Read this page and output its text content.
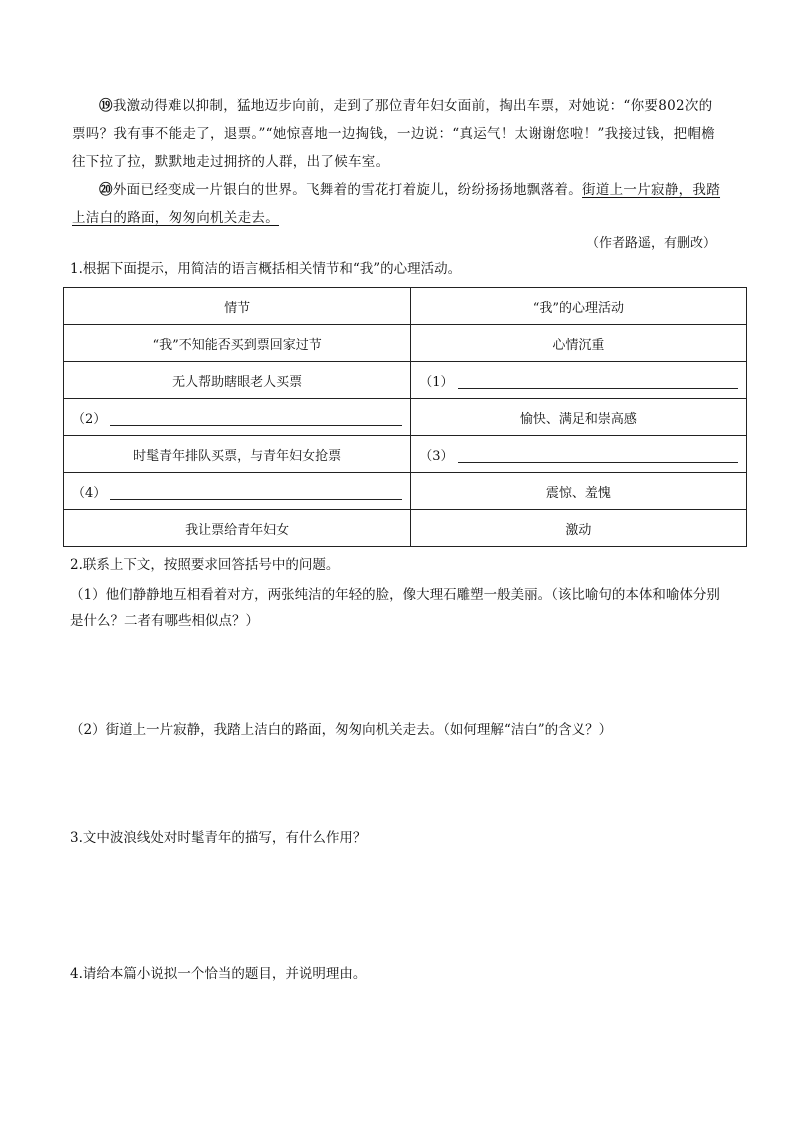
⑲我激动得难以抑制，猛地迈步向前，走到了那位青年妇女面前，掏出车票，对她说：“你要802次的票吗？我有事不能走了，退票。”“她惊喜地一边掏钱，一边说：“真运气！太谢谢您啦！”我接过钱，把帽檐往下拉了拉，默默地走过拥挤的人群，出了候车室。
⑳外面已经变成一片银白的世界。飞舞着的雪花打着旋儿，纷纷扬扬地飘落着。街道上一片寂静，我踏上洁白的路面，匆匆向机关走去。
（作者路遥，有删改）
1.根据下面提示，用简洁的语言概括相关情节和“我”的心理活动。
情节	“我”的心理活动
“我”不知能否买到票回家过节	心情沉重
无人帮助瞎眼老人买票	（1）
（2）	愉快、满足和崇高感
时髦青年排队买票，与青年妇女抢票	（3）
（4）	震惊、羞愧
我让票给青年妇女	激动
2.联系上下文，按照要求回答括号中的问题。
（1）他们静静地互相看着对方，两张纯洁的年轻的脸，像大理石雕塑一般美丽。（该比喻句的本体和喻体分别是什么？二者有哪些相似点？）
（2）街道上一片寂静，我踏上洁白的路面，匆匆向机关走去。（如何理解“洁白”的含义？）
3.文中波浪线处对时髦青年的描写，有什么作用？
4.请给本篇小说拟一个恰当的题目，并说明理由。
